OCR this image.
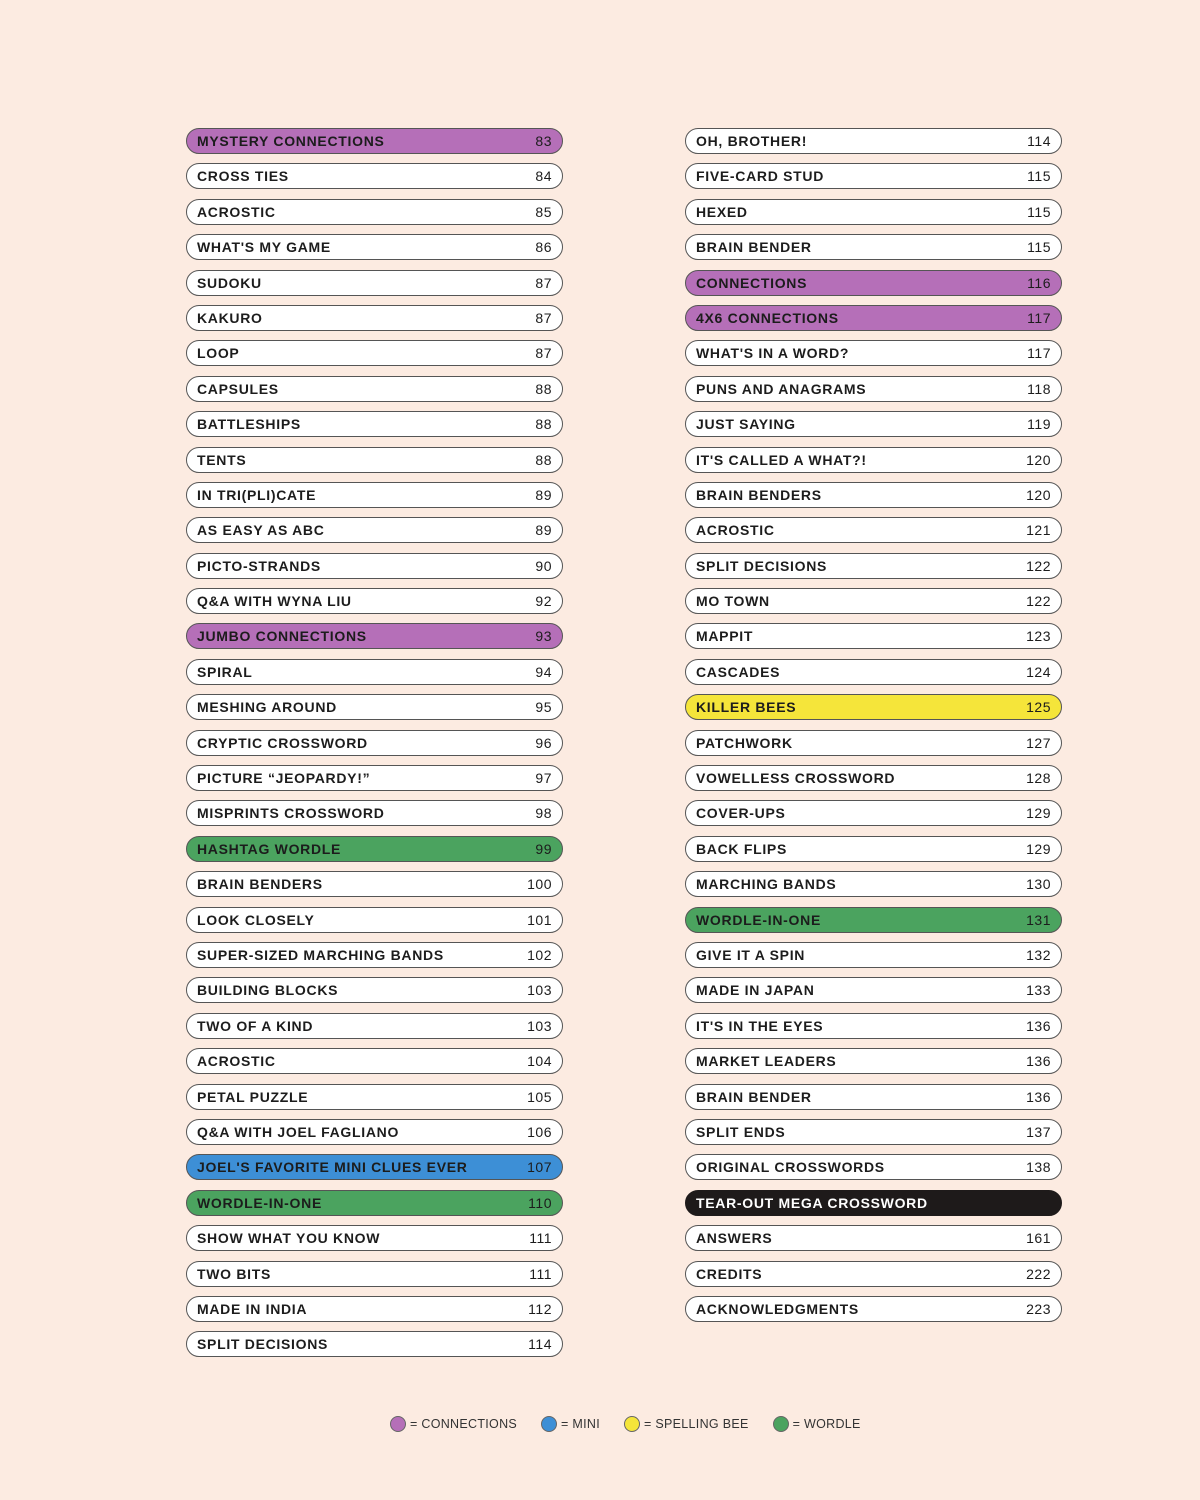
MYSTERY CONNECTIONS	83
CROSS TIES	84
ACROSTIC	85
WHAT'S MY GAME	86
SUDOKU	87
KAKURO	87
LOOP	87
CAPSULES	88
BATTLESHIPS	88
TENTS	88
IN TRI(PLI)CATE	89
AS EASY AS ABC	89
PICTO-STRANDS	90
Q&A WITH WYNA LIU	92
JUMBO CONNECTIONS	93
SPIRAL	94
MESHING AROUND	95
CRYPTIC CROSSWORD	96
PICTURE “JEOPARDY!”	97
MISPRINTS CROSSWORD	98
HASHTAG WORDLE	99
BRAIN BENDERS	100
LOOK CLOSELY	101
SUPER-SIZED MARCHING BANDS	102
BUILDING BLOCKS	103
TWO OF A KIND	103
ACROSTIC	104
PETAL PUZZLE	105
Q&A WITH JOEL FAGLIANO	106
JOEL'S FAVORITE MINI CLUES EVER	107
WORDLE-IN-ONE	110
SHOW WHAT YOU KNOW	111
TWO BITS	111
MADE IN INDIA	112
SPLIT DECISIONS	114
OH, BROTHER!	114
FIVE-CARD STUD	115
HEXED	115
BRAIN BENDER	115
CONNECTIONS	116
4X6 CONNECTIONS	117
WHAT'S IN A WORD?	117
PUNS AND ANAGRAMS	118
JUST SAYING	119
IT'S CALLED A WHAT?!	120
BRAIN BENDERS	120
ACROSTIC	121
SPLIT DECISIONS	122
MO TOWN	122
MAPPIT	123
CASCADES	124
KILLER BEES	125
PATCHWORK	127
VOWELLESS CROSSWORD	128
COVER-UPS	129
BACK FLIPS	129
MARCHING BANDS	130
WORDLE-IN-ONE	131
GIVE IT A SPIN	132
MADE IN JAPAN	133
IT'S IN THE EYES	136
MARKET LEADERS	136
BRAIN BENDER	136
SPLIT ENDS	137
ORIGINAL CROSSWORDS	138
TEAR-OUT MEGA CROSSWORD
ANSWERS	161
CREDITS	222
ACKNOWLEDGMENTS	223
= CONNECTIONS	= MINI	= SPELLING BEE	= WORDLE
